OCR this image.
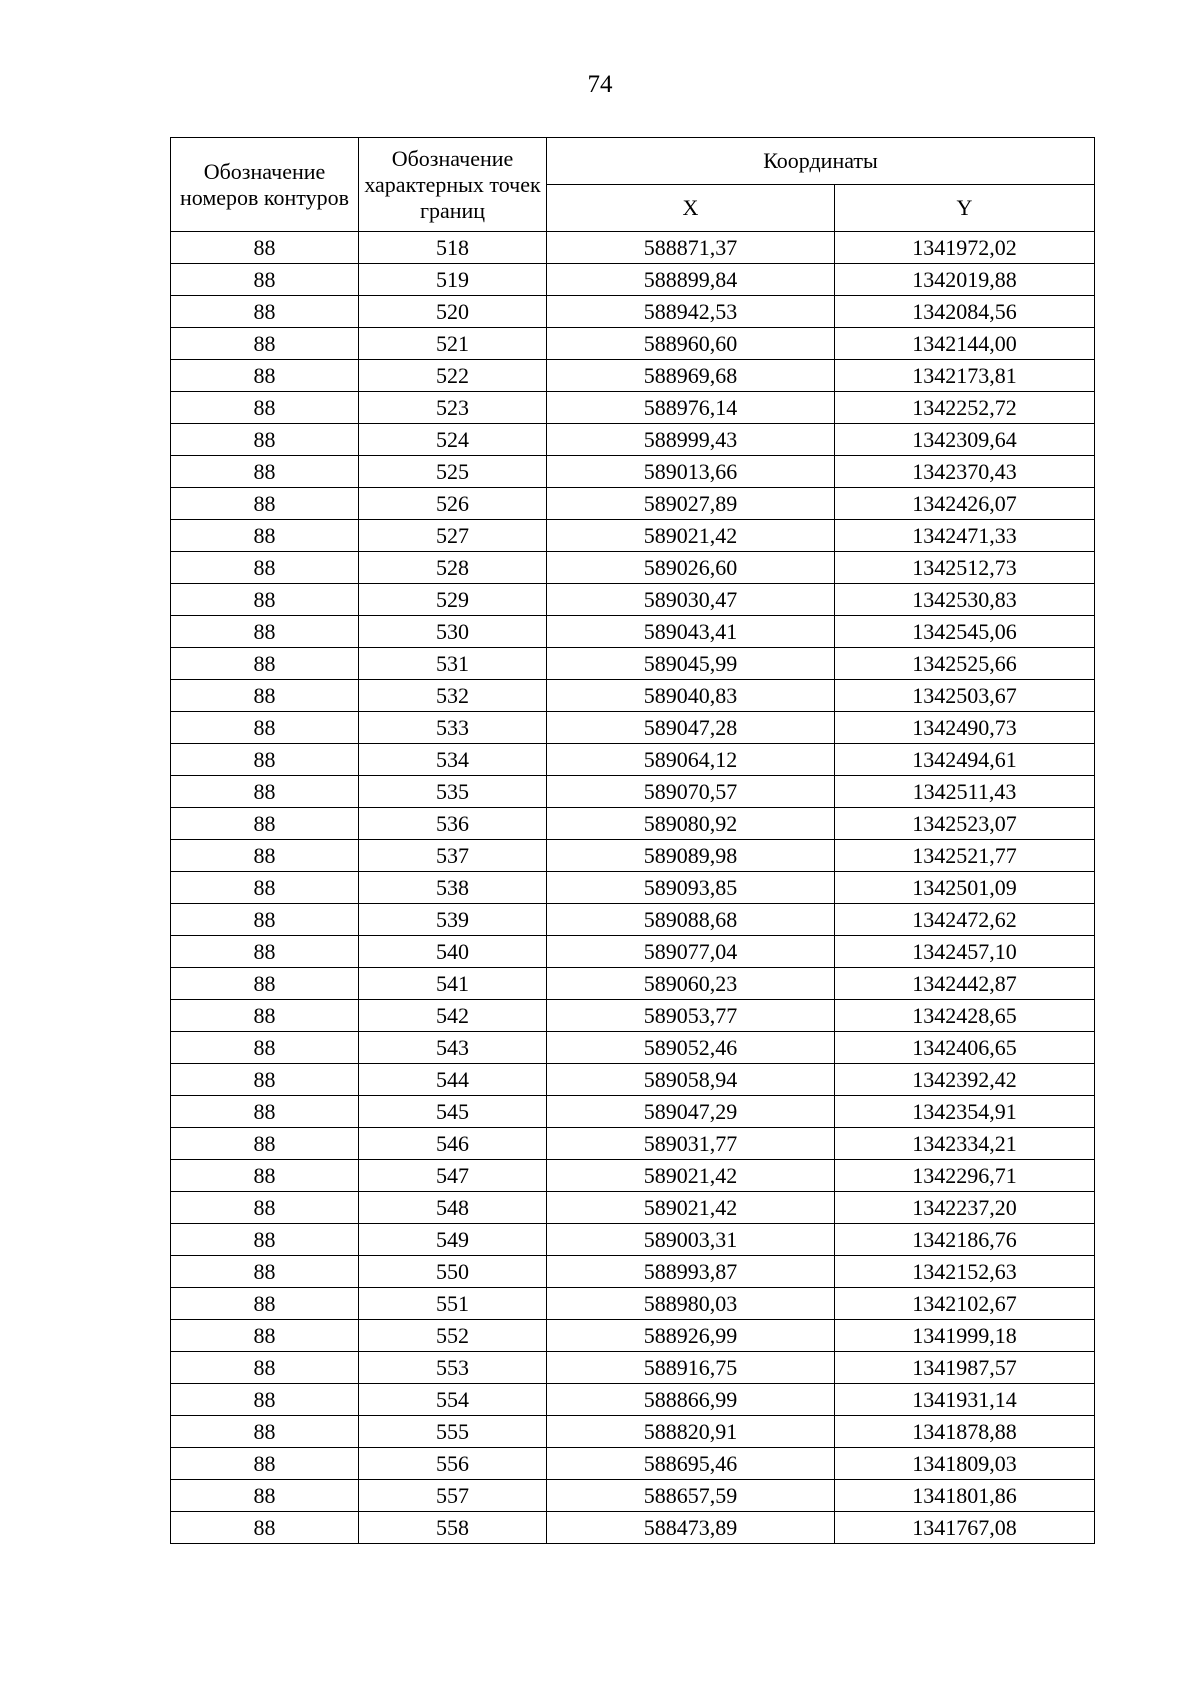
74
Обозначение номеров контуров	Обозначение характерных точек границ	Координаты	
		X	Y
88	518	588871,37	1341972,02
88	519	588899,84	1342019,88
88	520	588942,53	1342084,56
88	521	588960,60	1342144,00
88	522	588969,68	1342173,81
88	523	588976,14	1342252,72
88	524	588999,43	1342309,64
88	525	589013,66	1342370,43
88	526	589027,89	1342426,07
88	527	589021,42	1342471,33
88	528	589026,60	1342512,73
88	529	589030,47	1342530,83
88	530	589043,41	1342545,06
88	531	589045,99	1342525,66
88	532	589040,83	1342503,67
88	533	589047,28	1342490,73
88	534	589064,12	1342494,61
88	535	589070,57	1342511,43
88	536	589080,92	1342523,07
88	537	589089,98	1342521,77
88	538	589093,85	1342501,09
88	539	589088,68	1342472,62
88	540	589077,04	1342457,10
88	541	589060,23	1342442,87
88	542	589053,77	1342428,65
88	543	589052,46	1342406,65
88	544	589058,94	1342392,42
88	545	589047,29	1342354,91
88	546	589031,77	1342334,21
88	547	589021,42	1342296,71
88	548	589021,42	1342237,20
88	549	589003,31	1342186,76
88	550	588993,87	1342152,63
88	551	588980,03	1342102,67
88	552	588926,99	1341999,18
88	553	588916,75	1341987,57
88	554	588866,99	1341931,14
88	555	588820,91	1341878,88
88	556	588695,46	1341809,03
88	557	588657,59	1341801,86
88	558	588473,89	1341767,08
